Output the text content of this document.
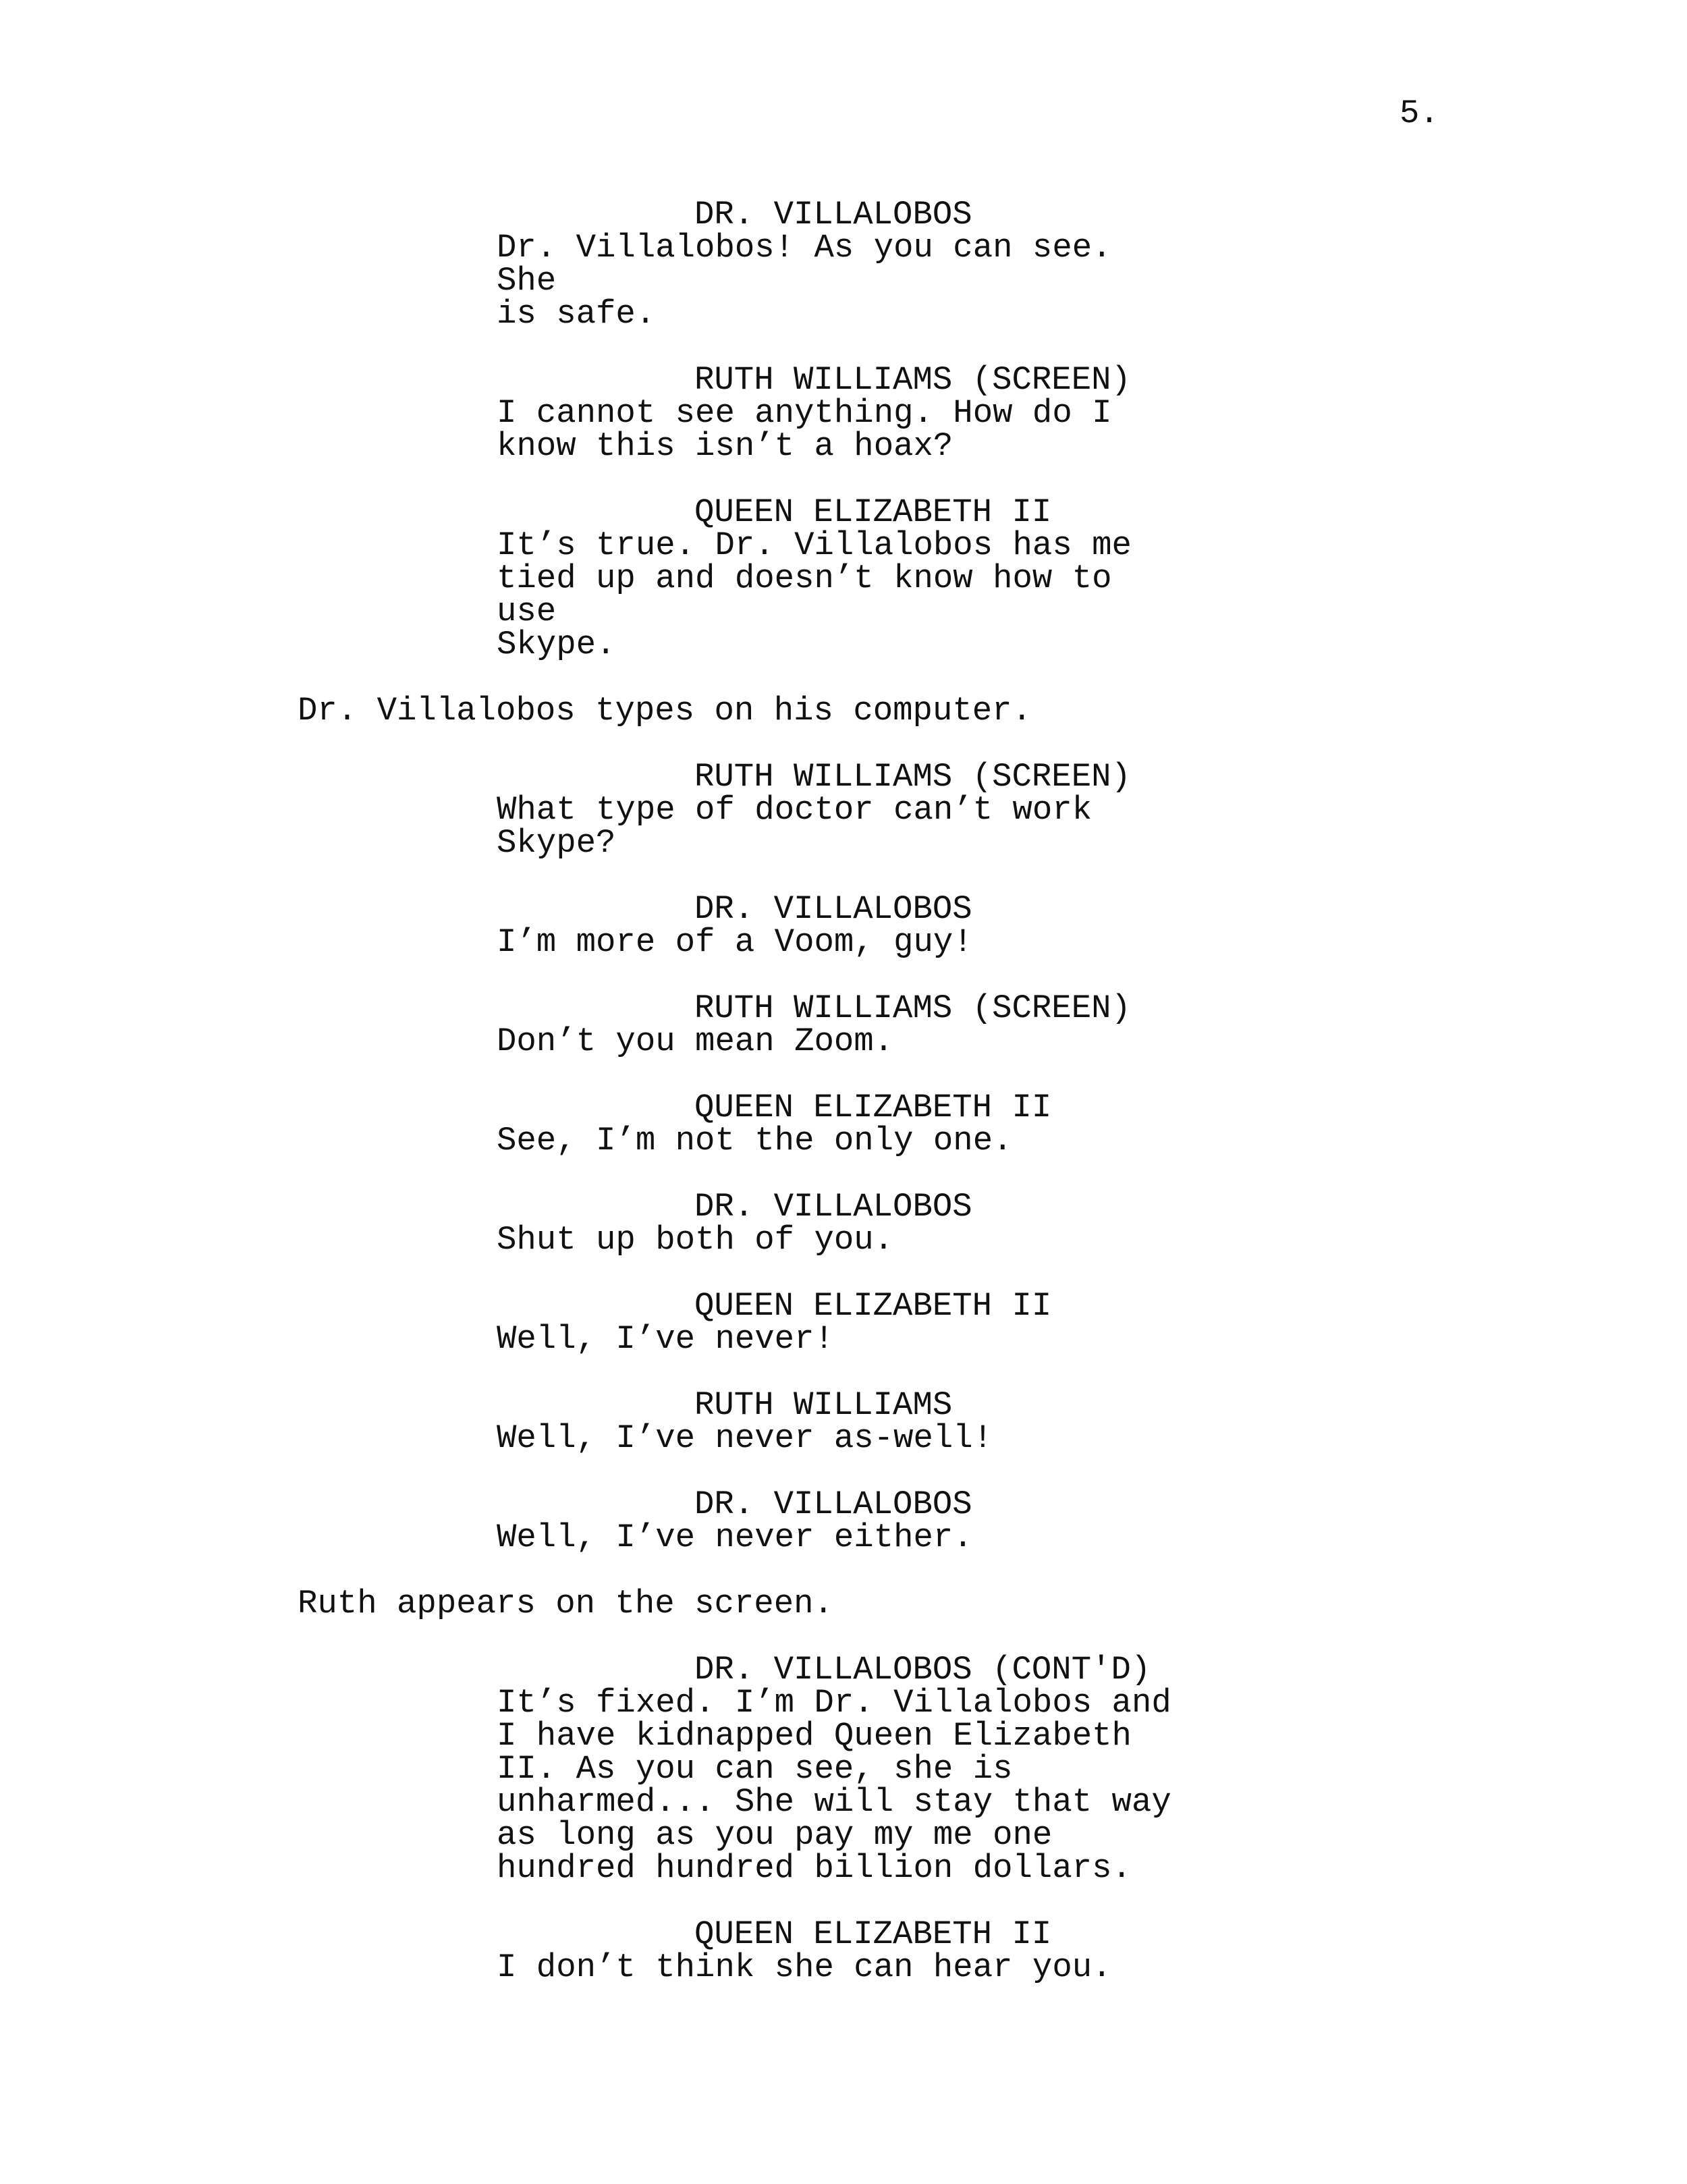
5.
DR. VILLALOBOS
Dr. Villalobos! As you can see. She
is safe.
RUTH WILLIAMS (SCREEN)
I cannot see anything. How do I
know this isn’t a hoax?
QUEEN ELIZABETH II
It’s true. Dr. Villalobos has me
tied up and doesn’t know how to use
Skype.
Dr. Villalobos types on his computer.
RUTH WILLIAMS (SCREEN)
What type of doctor can’t work
Skype?
DR. VILLALOBOS
I’m more of a Voom, guy!
RUTH WILLIAMS (SCREEN)
Don’t you mean Zoom.
QUEEN ELIZABETH II
See, I’m not the only one.
DR. VILLALOBOS
Shut up both of you.
QUEEN ELIZABETH II
Well, I’ve never!
RUTH WILLIAMS
Well, I’ve never as-well!
DR. VILLALOBOS
Well, I’ve never either.
Ruth appears on the screen.
DR. VILLALOBOS (CONT'D)
It’s fixed. I’m Dr. Villalobos and
I have kidnapped Queen Elizabeth
II. As you can see, she is
unharmed... She will stay that way
as long as you pay my me one
hundred hundred billion dollars.
QUEEN ELIZABETH II
I don’t think she can hear you.
